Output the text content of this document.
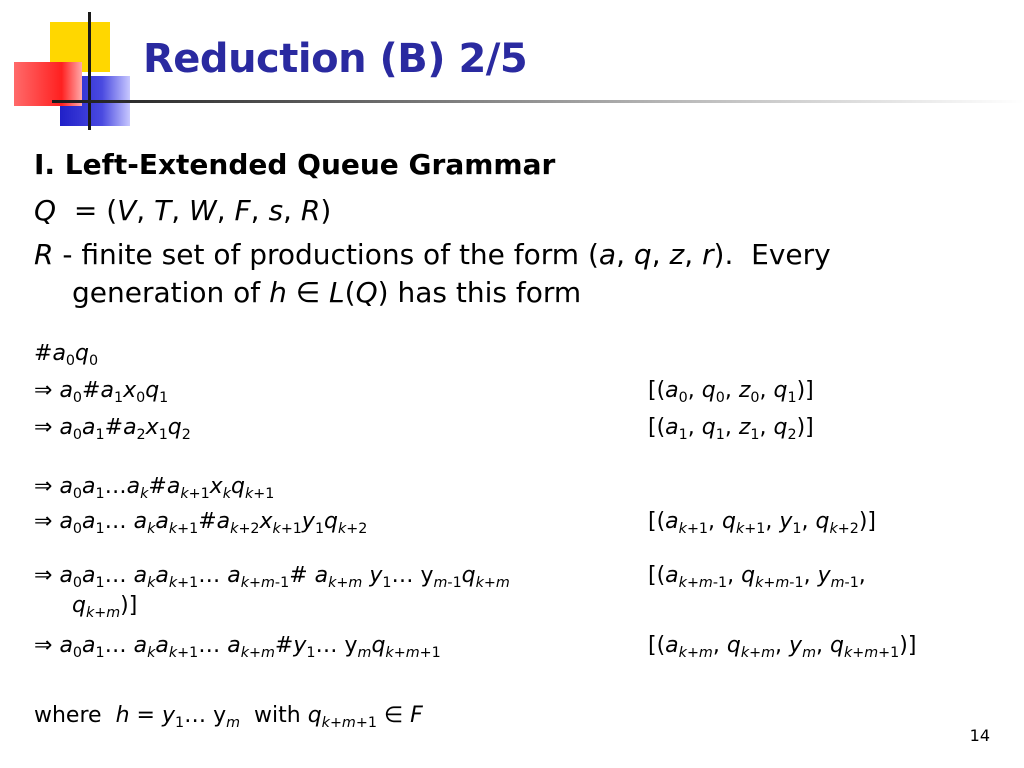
Reduction (B) 2/5
I. Left-Extended Queue Grammar
Q  = (V, T, W, F, s, R)
R - finite set of productions of the form (a, q, z, r).  Every
generation of h ∈ L(Q) has this form
$\#a_0q_0$
⇒ $a_0\#a_1x_0q_1$	[($a_0$, $q_0$, $z_0$, $q_1$)]
⇒ $a_0a_1\#a_2x_1q_2$	[($a_1$, $q_1$, $z_1$, $q_2$)]
⇒ $a_0a_1\dots a_k\#a_{k+1}x_kq_{k+1}$
⇒ $a_0a_1\dots$ $a_ka_{k+1}\#a_{k+2}x_{k+1}y_1q_{k+2}$	[($a_{k+1}$, $q_{k+1}$, $y_1$, $q_{k+2}$)]
⇒ $a_0a_1\dots$ $a_ka_{k+1}\dots$ $a_{k+m-1}\#$ $a_{k+m}$ $y_1\dots$ $y_{m-1}q_{k+m}$	[($a_{k+m-1}$, $q_{k+m-1}$, $y_{m-1}$,
$q_{k+m}$)]
⇒ $a_0a_1\dots$ $a_ka_{k+1}\dots$ $a_{k+m}\#y_1\dots$ $y_mq_{k+m+1}$	[($a_{k+m}$, $q_{k+m}$, $y_m$, $q_{k+m+1}$)]
where  $h = y_1\dots$ $y_m$  with $q_{k+m+1}$ ∈ F
14
